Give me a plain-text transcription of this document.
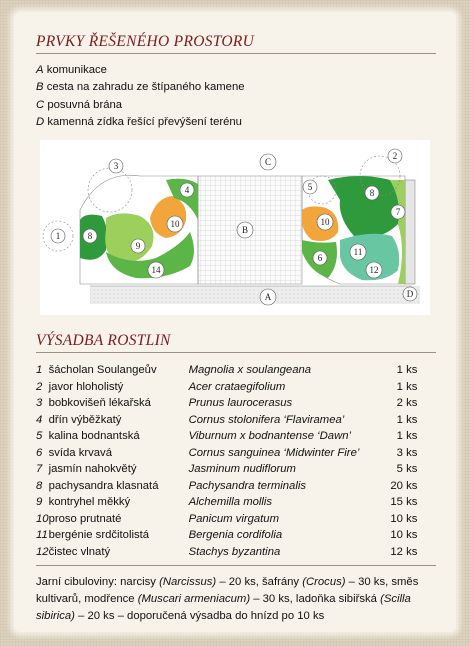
PRVKY ŘEŠENÉHO PROSTORU
A komunikace
B cesta na zahradu ze štípaného kamene
C posuvná brána
D kamenná zídka řešící převýšení terénu
A
B
C
D
1
2
3
4	5
6
7
8
8
9
10	10
11
12
14
VÝSADBA ROSTLIN
1	šácholan Soulangeův	Magnolia x soulangeana	1 ks
2	javor hloholistý	Acer crataegifolium	1 ks
3	bobkovišeň lékařská	Prunus laurocerasus	2 ks
4	dřín výběžkatý	Cornus stolonifera ‘Flaviramea’	1 ks
5	kalina bodnantská	Viburnum x bodnantense ‘Dawn’	1 ks
6	svída krvavá	Cornus sanguinea ‘Midwinter Fire’	3 ks
7	jasmín nahokvětý	Jasminum nudiflorum	5 ks
8	pachysandra klasnatá	Pachysandra terminalis	20 ks
9	kontryhel měkký	Alchemilla mollis	15 ks
10	proso prutnaté	Panicum virgatum	10 ks
11	bergénie srdčitolistá	Bergenia cordifolia	10 ks
12	čistec vlnatý	Stachys byzantina	12 ks
Jarní cibuloviny: narcisy (Narcissus) – 20 ks, šafrány (Crocus) – 30 ks, směs kultivarů, modřence (Muscari armeniacum) – 30 ks, ladoňka sibiřská (Scilla sibirica) – 20 ks – doporučená výsadba do hnízd po 10 ks
